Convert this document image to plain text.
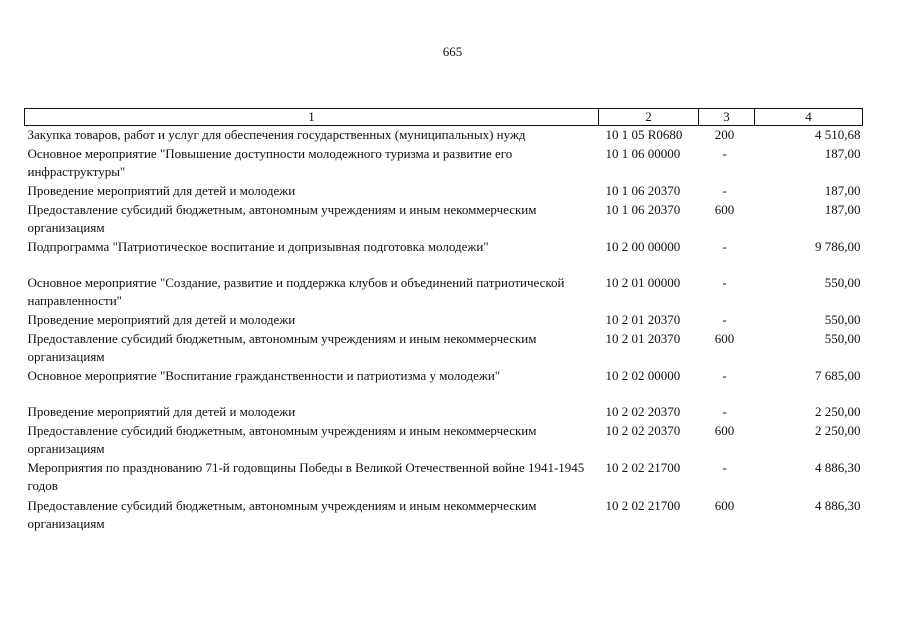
665
1	2	3	4
Закупка товаров, работ и услуг для обеспечения государственных (муниципальных) нужд	10 1 05 R0680	200	4 510,68
Основное мероприятие "Повышение доступности молодежного туризма и развитие его инфраструктуры"	10 1 06 00000	-	187,00
Проведение мероприятий для детей и молодежи	10 1 06 20370	-	187,00
Предоставление субсидий бюджетным, автономным учреждениям и иным некоммерческим организациям	10 1 06 20370	600	187,00
Подпрограмма "Патриотическое воспитание и допризывная подготовка молодежи"	10 2 00 00000	-	9 786,00
Основное мероприятие "Создание, развитие и поддержка клубов и объединений патриотической направленности"	10 2 01 00000	-	550,00
Проведение мероприятий для детей и молодежи	10 2 01 20370	-	550,00
Предоставление субсидий бюджетным, автономным учреждениям и иным некоммерческим организациям	10 2 01 20370	600	550,00
Основное мероприятие "Воспитание гражданственности и патриотизма у молодежи"	10 2 02 00000	-	7 685,00
Проведение мероприятий для детей и молодежи	10 2 02 20370	-	2 250,00
Предоставление субсидий бюджетным, автономным учреждениям и иным некоммерческим организациям	10 2 02 20370	600	2 250,00
Мероприятия по празднованию 71-й годовщины Победы в Великой Отечественной войне 1941-1945 годов	10 2 02 21700	-	4 886,30
Предоставление субсидий бюджетным, автономным учреждениям и иным некоммерческим организациям	10 2 02 21700	600	4 886,30
